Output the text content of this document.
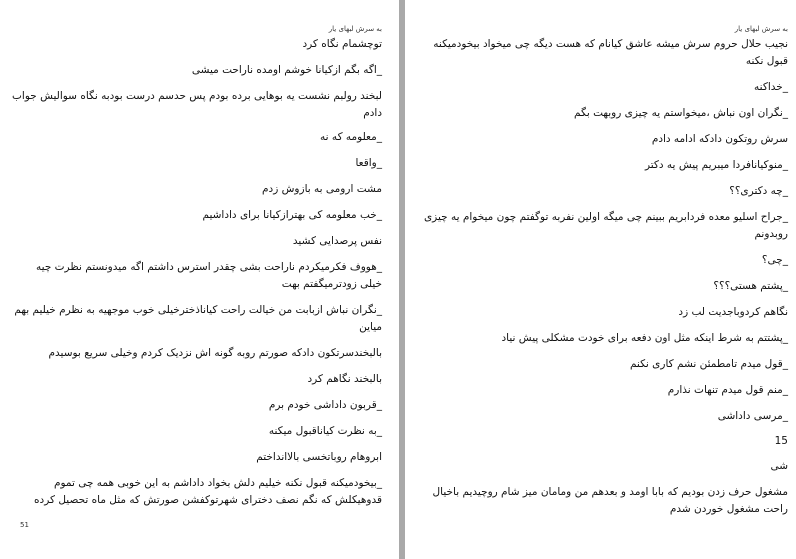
به سرش لبهای یار
توچشمام نگاه کرد
_اگه بگم ازکیانا خوشم اومده ناراحت میشی
لبخند رولبم نشست یه بوهایی برده بودم پس حدسم درست بودبه نگاه سوالیش جواب دادم
_معلومه که نه
_واقعا
مشت ارومی به بازوش زدم
_خب معلومه کی بهترازکیانا برای داداشیم
نفس پرصدایی کشید
_هووف فکرمیکردم ناراحت بشی چقدر استرس داشتم اگه میدونستم نظرت چیه خیلی زودترمیگفتم بهت
_نگران نباش ازبابت من خیالت راحت کیاناذخترخیلی خوب موجهیه به نظرم خیلیم بهم میاین
بالبخندسرتکون دادکه صورتم روبه گونه اش نزدیک کردم وخیلی سریع بوسیدم
بالبخند نگاهم کرد
_قربون داداشی خودم برم
_به نظرت کیاناقبول میکنه
ابروهام روباتخسی بالاانداختم
_بیخودمیکنه قبول نکنه خیلیم دلش بخواد داداشم به این خوبی همه چی تموم قدوهیکلش که نگم نصف دخترای شهرتوکفشن صورتش که مثل ماه تحصیل کرده
51
به سرش لبهای یار
نجیب حلال حروم سرش میشه عاشق کیانام که هست دیگه چی میخواد بیخودمیکنه قبول نکنه
_خداکنه
_نگران اون نباش ،میخواستم یه چیزی روبهت بگم
سرش روتکون دادکه ادامه دادم
_منوکیانافردا میبریم پیش یه دکتر
_چه دکتری؟؟
_جراح اسلیو معده فردابریم ببینم چی میگه اولین نفربه توگفتم چون میخوام یه چیزی روبدونم
_چی؟
_پشتم هستی؟؟؟
نگاهم کردوباجدیت لب زد
_پشتتم به شرط اینکه مثل اون دفعه برای خودت مشکلی پیش نیاد
_قول میدم تامطمئن نشم کاری نکنم
_منم قول میدم تنهات نذارم
_مرسی داداشی
15
شی
مشغول حرف زدن بودیم که بابا اومد و بعدهم من ومامان میز شام روچیدیم باخیال راحت مشغول خوردن شدم
